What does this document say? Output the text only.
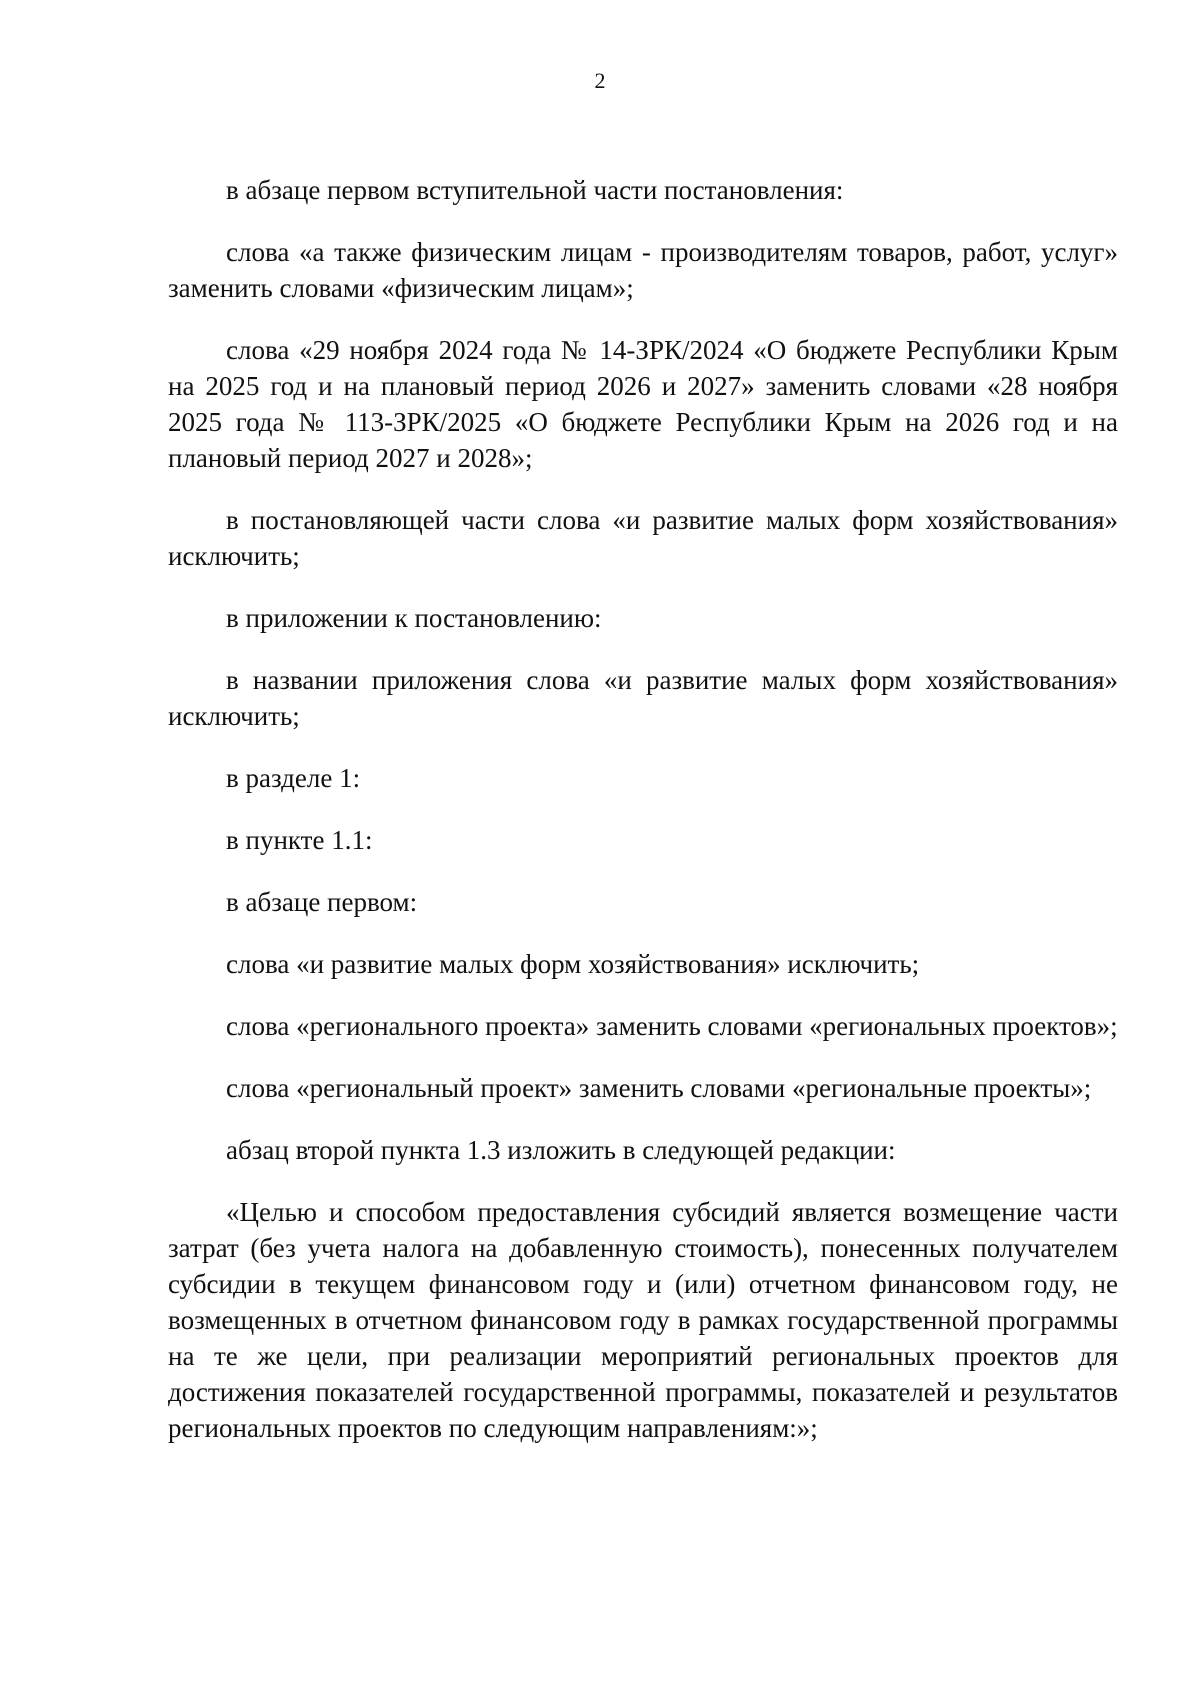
2

в абзаце первом вступительной части постановления:

слова «а также физическим лицам - производителям товаров, работ, услуг» заменить словами «физическим лицам»;

слова «29 ноября 2024 года № 14-ЗРК/2024 «О бюджете Республики Крым на 2025 год и на плановый период 2026 и 2027» заменить словами «28 ноября 2025 года № 113-ЗРК/2025 «О бюджете Республики Крым на 2026 год и на плановый период 2027 и 2028»;

в постановляющей части слова «и развитие малых форм хозяйствования» исключить;

в приложении к постановлению:

в названии приложения слова «и развитие малых форм хозяйствования» исключить;

в разделе 1:

в пункте 1.1:

в абзаце первом:

слова «и развитие малых форм хозяйствования» исключить;

слова «регионального проекта» заменить словами «региональных проектов»;

слова «региональный проект» заменить словами «региональные проекты»;

абзац второй пункта 1.3 изложить в следующей редакции:

«Целью и способом предоставления субсидий является возмещение части затрат (без учета налога на добавленную стоимость), понесенных получателем субсидии в текущем финансовом году и (или) отчетном финансовом году, не возмещенных в отчетном финансовом году в рамках государственной программы на те же цели, при реализации мероприятий региональных проектов для достижения показателей государственной программы, показателей и результатов региональных проектов по следующим направлениям:»;
